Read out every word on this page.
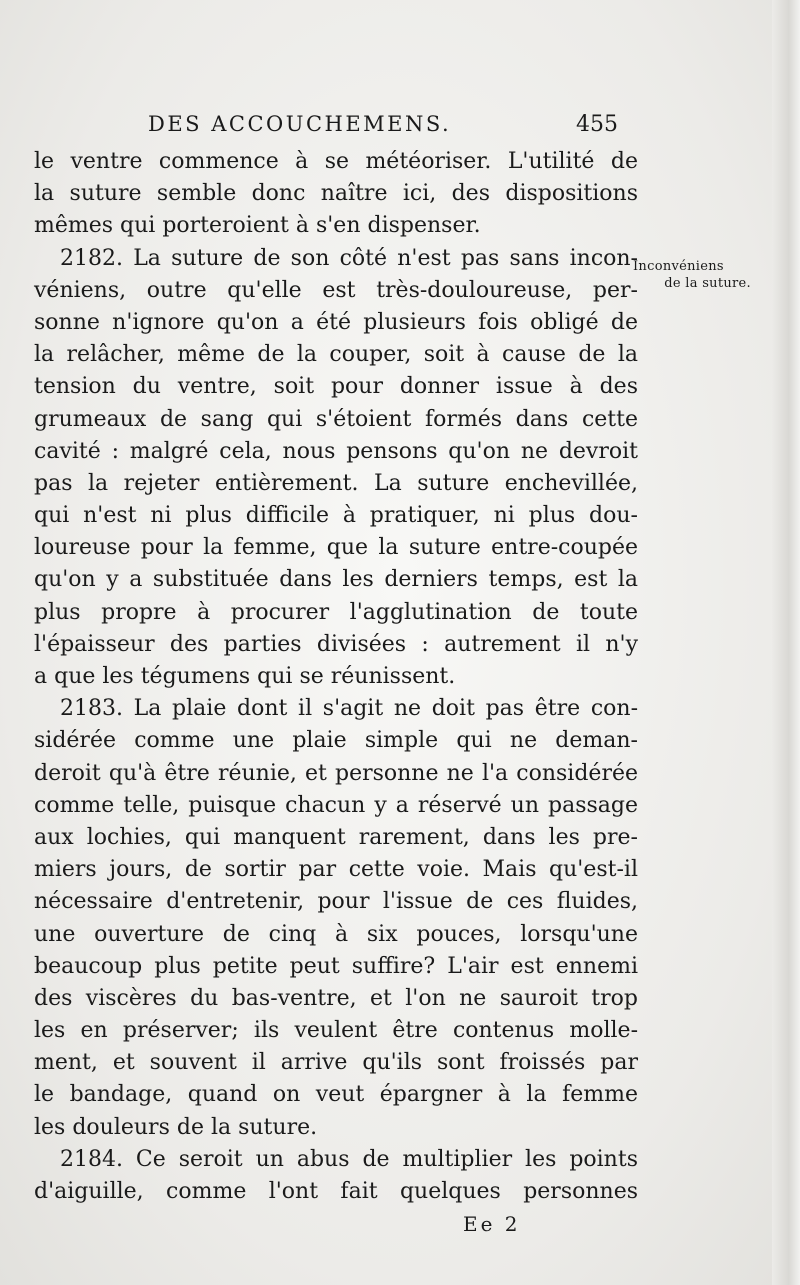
DES ACCOUCHEMENS.	455
Inconvéniens

de la suture.
le ventre commence à se météoriser. L'utilité de
la suture semble donc naître ici, des dispositions
mêmes qui porteroient à s'en dispenser.
2182. La suture de son côté n'est pas sans incon-
véniens, outre qu'elle est très-douloureuse, per-
sonne n'ignore qu'on a été plusieurs fois obligé de
la relâcher, même de la couper, soit à cause de la
tension du ventre, soit pour donner issue à des
grumeaux de sang qui s'étoient formés dans cette
cavité : malgré cela, nous pensons qu'on ne devroit
pas la rejeter entièrement. La suture enchevillée,
qui n'est ni plus difficile à pratiquer, ni plus dou-
loureuse pour la femme, que la suture entre-coupée
qu'on y a substituée dans les derniers temps, est la
plus propre à procurer l'agglutination de toute
l'épaisseur des parties divisées : autrement il n'y
a que les tégumens qui se réunissent.
2183. La plaie dont il s'agit ne doit pas être con-
sidérée comme une plaie simple qui ne deman-
deroit qu'à être réunie, et personne ne l'a considérée
comme telle, puisque chacun y a réservé un passage
aux lochies, qui manquent rarement, dans les pre-
miers jours, de sortir par cette voie. Mais qu'est-il
nécessaire d'entretenir, pour l'issue de ces fluides,
une ouverture de cinq à six pouces, lorsqu'une
beaucoup plus petite peut suffire? L'air est ennemi
des viscères du bas-ventre, et l'on ne sauroit trop
les en préserver; ils veulent être contenus molle-
ment, et souvent il arrive qu'ils sont froissés par
le bandage, quand on veut épargner à la femme
les douleurs de la suture.
2184. Ce seroit un abus de multiplier les points
d'aiguille, comme l'ont fait quelques personnes
Ee 2
